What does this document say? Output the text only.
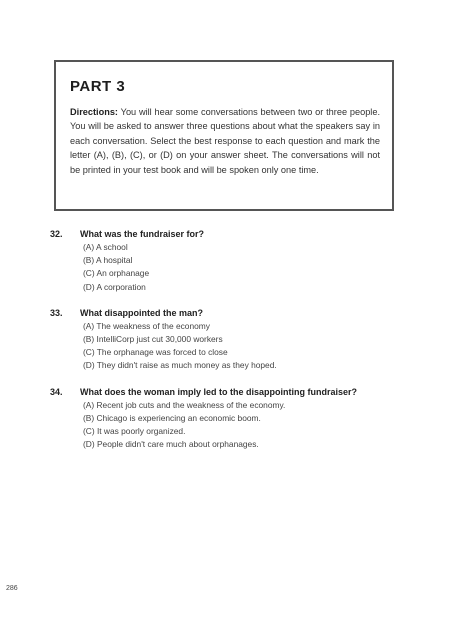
PART 3
Directions: You will hear some conversations between two or three people. You will be asked to answer three questions about what the speakers say in each conversation. Select the best response to each question and mark the letter (A), (B), (C), or (D) on your answer sheet. The conversations will not be printed in your test book and will be spoken only one time.
32. What was the fundraiser for?
(A) A school
(B) A hospital
(C) An orphanage
(D) A corporation
33. What disappointed the man?
(A) The weakness of the economy
(B) IntelliCorp just cut 30,000 workers
(C) The orphanage was forced to close
(D) They didn't raise as much money as they hoped.
34. What does the woman imply led to the disappointing fundraiser?
(A) Recent job cuts and the weakness of the economy.
(B) Chicago is experiencing an economic boom.
(C) It was poorly organized.
(D) People didn't care much about orphanages.
286
